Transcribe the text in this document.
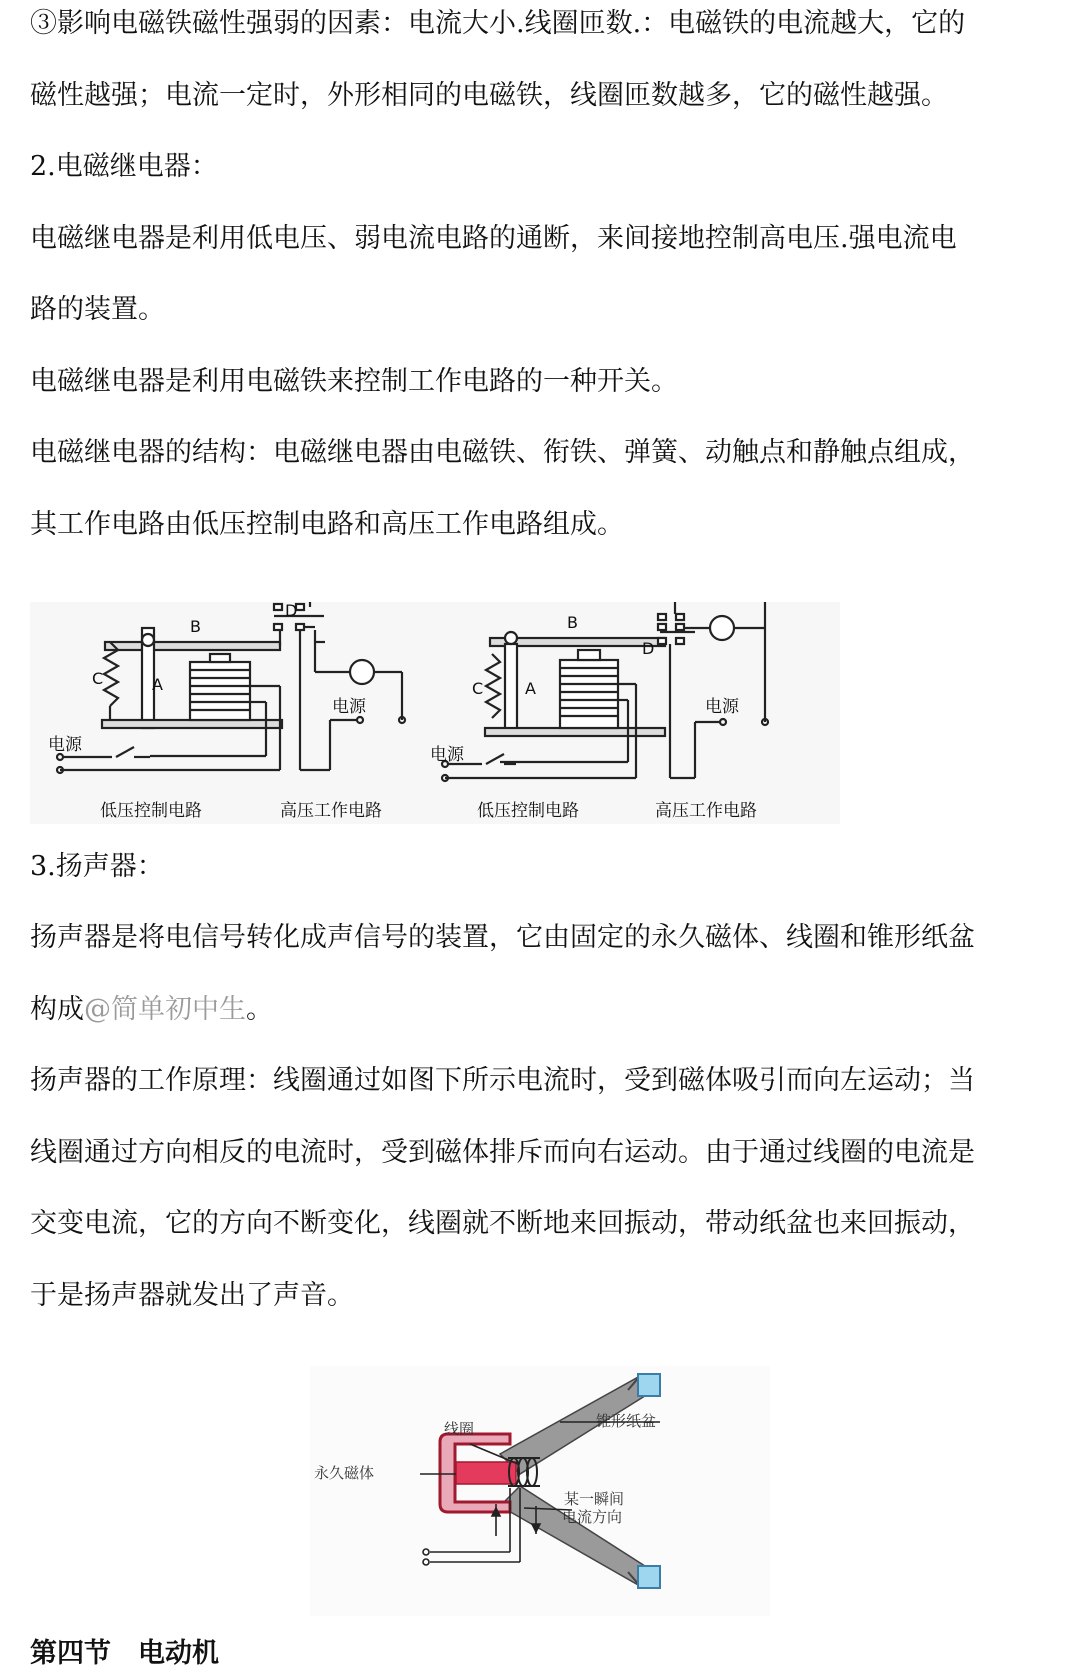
③影响电磁铁磁性强弱的因素：电流大小.线圈匝数.：电磁铁的电流越大，它的
磁性越强；电流一定时，外形相同的电磁铁，线圈匝数越多，它的磁性越强。
2.电磁继电器：
电磁继电器是利用低电压、弱电流电路的通断，来间接地控制高电压.强电流电
路的装置。
电磁继电器是利用电磁铁来控制工作电路的一种开关。
电磁继电器的结构：电磁继电器由电磁铁、衔铁、弹簧、动触点和静触点组成，
其工作电路由低压控制电路和高压工作电路组成。
B
D
C	A
电源
电源
低压控制电路	高压工作电路
B
D
C	A
电源
电源
低压控制电路	高压工作电路
3.扬声器：
扬声器是将电信号转化成声信号的装置，它由固定的永久磁体、线圈和锥形纸盆
构成@简单初中生。
扬声器的工作原理：线圈通过如图下所示电流时，受到磁体吸引而向左运动；当
线圈通过方向相反的电流时，受到磁体排斥而向右运动。由于通过线圈的电流是
交变电流，它的方向不断变化，线圈就不断地来回振动，带动纸盆也来回振动，
于是扬声器就发出了声音。
线圈	锥形纸盆
永久磁体
某一瞬间
电流方向
第四节　电动机
